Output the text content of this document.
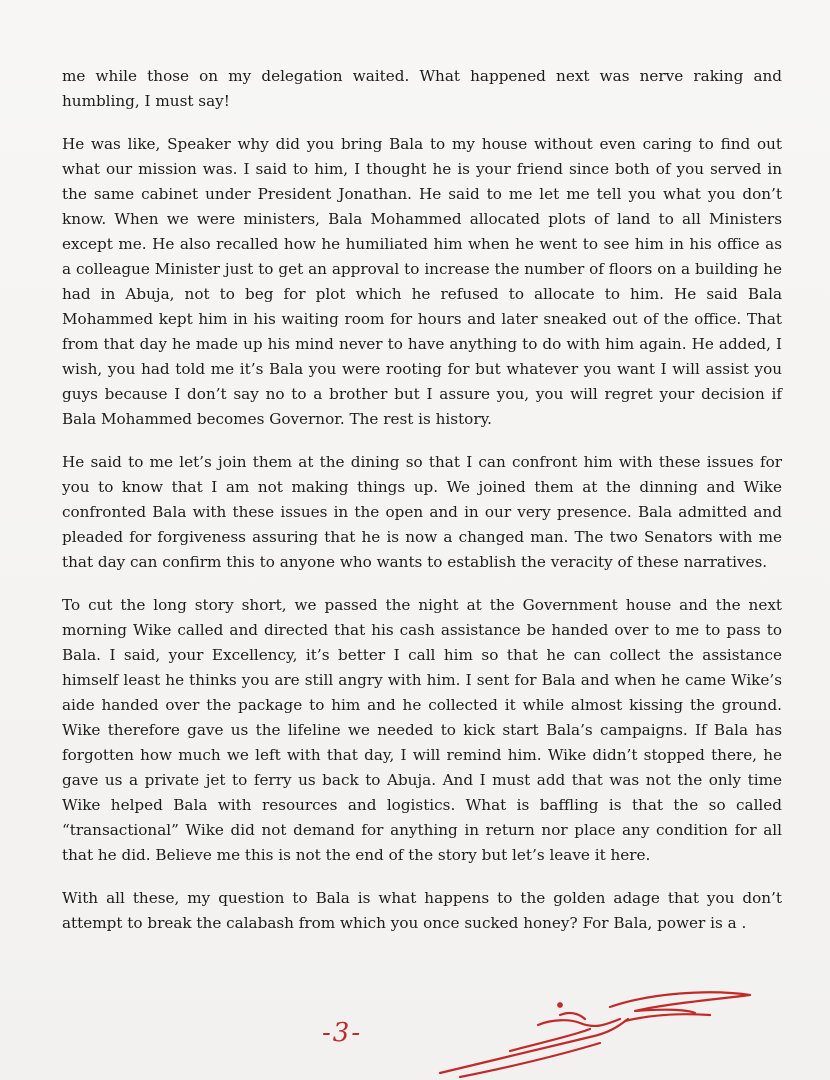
me while those on my delegation waited. What happened next was nerve raking and humbling, I must say!

He was like, Speaker why did you bring Bala to my house without even caring to find out what our mission was. I said to him, I thought he is your friend since both of you served in the same cabinet under President Jonathan. He said to me let me tell you what you don’t know. When we were ministers, Bala Mohammed allocated plots of land to all Ministers except me. He also recalled how he humiliated him when he went to see him in his office as a colleague Minister just to get an approval to increase the number of floors on a building he had in Abuja, not to beg for plot which he refused to allocate to him. He said Bala Mohammed kept him in his waiting room for hours and later sneaked out of the office. That from that day he made up his mind never to have anything to do with him again. He added, I wish, you had told me it’s Bala you were rooting for but whatever you want I will assist you guys because I don’t say no to a brother but I assure you, you will regret your decision if Bala Mohammed becomes Governor. The rest is history.

He said to me let’s join them at the dining so that I can confront him with these issues for you to know that I am not making things up. We joined them at the dinning and Wike confronted Bala with these issues in the open and in our very presence. Bala admitted and pleaded for forgiveness assuring that he is now a changed man. The two Senators with me that day can confirm this to anyone who wants to establish the veracity of these narratives.

To cut the long story short, we passed the night at the Government house and the next morning Wike called and directed that his cash assistance be handed over to me to pass to Bala. I said, your Excellency, it’s better I call him so that he can collect the assistance himself least he thinks you are still angry with him. I sent for Bala and when he came Wike’s aide handed over the package to him and he collected it while almost kissing the ground. Wike therefore gave us the lifeline we needed to kick start Bala’s campaigns. If Bala has forgotten how much we left with that day, I will remind him. Wike didn’t stopped there, he gave us a private jet to ferry us back to Abuja. And I must add that was not the only time Wike helped Bala with resources and logistics. What is baffling is that the so called “transactional” Wike did not demand for anything in return nor place any condition for all that he did. Believe me this is not the end of the story but let’s leave it here.

With all these, my question to Bala is what happens to the golden adage that you don’t attempt to break the calabash from which you once sucked honey? For Bala, power is a .

-3-
